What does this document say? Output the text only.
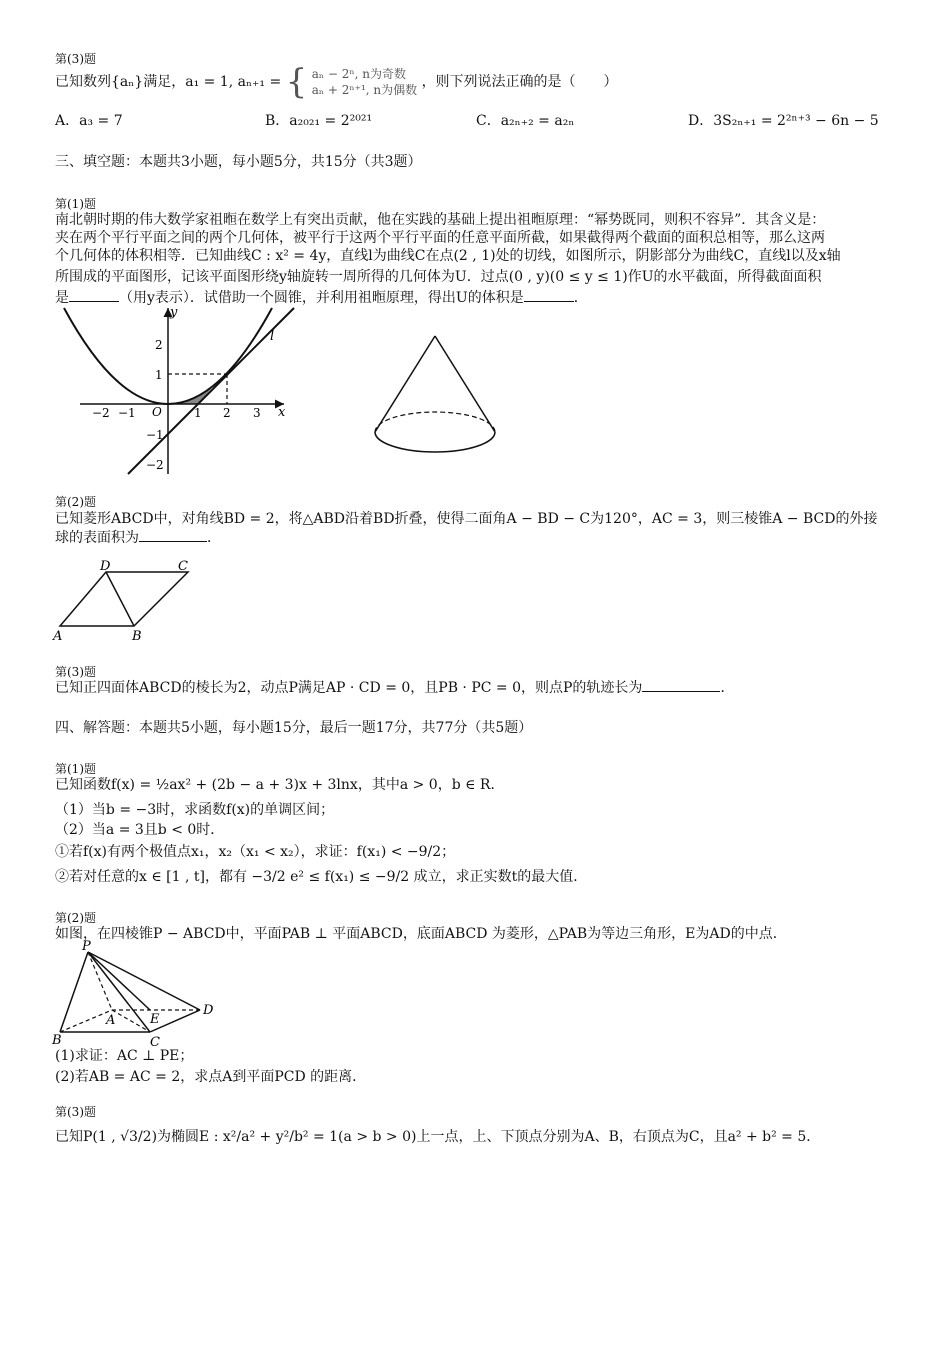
第(3)题
已知数列{aₙ}满足，a₁ = 1, aₙ₊₁ = { aₙ − 2ⁿ, n为奇数
aₙ + 2ⁿ⁺¹, n为偶数 ，则下列说法正确的是（　　）
A．a₃ = 7	B．a₂₀₂₁ = 2²⁰²¹	C．a₂ₙ₊₂ = a₂ₙ	D．3S₂ₙ₊₁ = 2²ⁿ⁺³ − 6n − 5
三、填空题：本题共3小题，每小题5分，共15分（共3题）
第(1)题
南北朝时期的伟大数学家祖暅在数学上有突出贡献，他在实践的基础上提出祖暅原理：“幂势既同，则积不容异”．其含义是：
夹在两个平行平面之间的两个几何体，被平行于这两个平行平面的任意平面所截，如果截得两个截面的面积总相等，那么这两
个几何体的体积相等．已知曲线C : x² = 4y，直线l为曲线C在点(2 , 1)处的切线，如图所示，阴影部分为曲线C，直线l以及x轴
所围成的平面图形，记该平面图形绕y轴旋转一周所得的几何体为U．过点(0 , y)(0 ≤ y ≤ 1)作U的水平截面，所得截面面积
是	（用y表示）．试借助一个圆锥，并利用祖暅原理，得出U的体积是	．
y
x
l
O
2
1
−1
−2
1 2 3
−1
−2
第(2)题
已知菱形ABCD中，对角线BD = 2，将△ABD沿着BD折叠，使得二面角A − BD − C为120°，AC = 3，则三棱锥A − BCD的外接
球的表面积为	．
A	B
C
D
第(3)题
已知正四面体ABCD的棱长为2，动点P满足AP · CD = 0，且PB · PC = 0，则点P的轨迹长为	．
四、解答题：本题共5小题，每小题15分，最后一题17分，共77分（共5题）
第(1)题
已知函数f(x) = ½ax² + (2b − a + 3)x + 3lnx，其中a > 0，b ∈ R．
（1）当b = −3时，求函数f(x)的单调区间；
（2）当a = 3且b < 0时．
①若f(x)有两个极值点x₁，x₂（x₁ < x₂），求证：f(x₁) < −9/2；
②若对任意的x ∈ [1 , t]，都有 −3/2 e² ≤ f(x₁) ≤ −9/2 成立，求正实数t的最大值．
第(2)题
如图，在四棱锥P − ABCD中，平面PAB ⊥ 平面ABCD，底面ABCD 为菱形，△PAB为等边三角形，E为AD的中点．
P
A
B	C
D
E
(1)求证：AC ⊥ PE；
(2)若AB = AC = 2，求点A到平面PCD 的距离．
第(3)题
已知P(1 , √3/2)为椭圆E : x²/a² + y²/b² = 1(a > b > 0)上一点，上、下顶点分别为A、B，右顶点为C，且a² + b² = 5．
